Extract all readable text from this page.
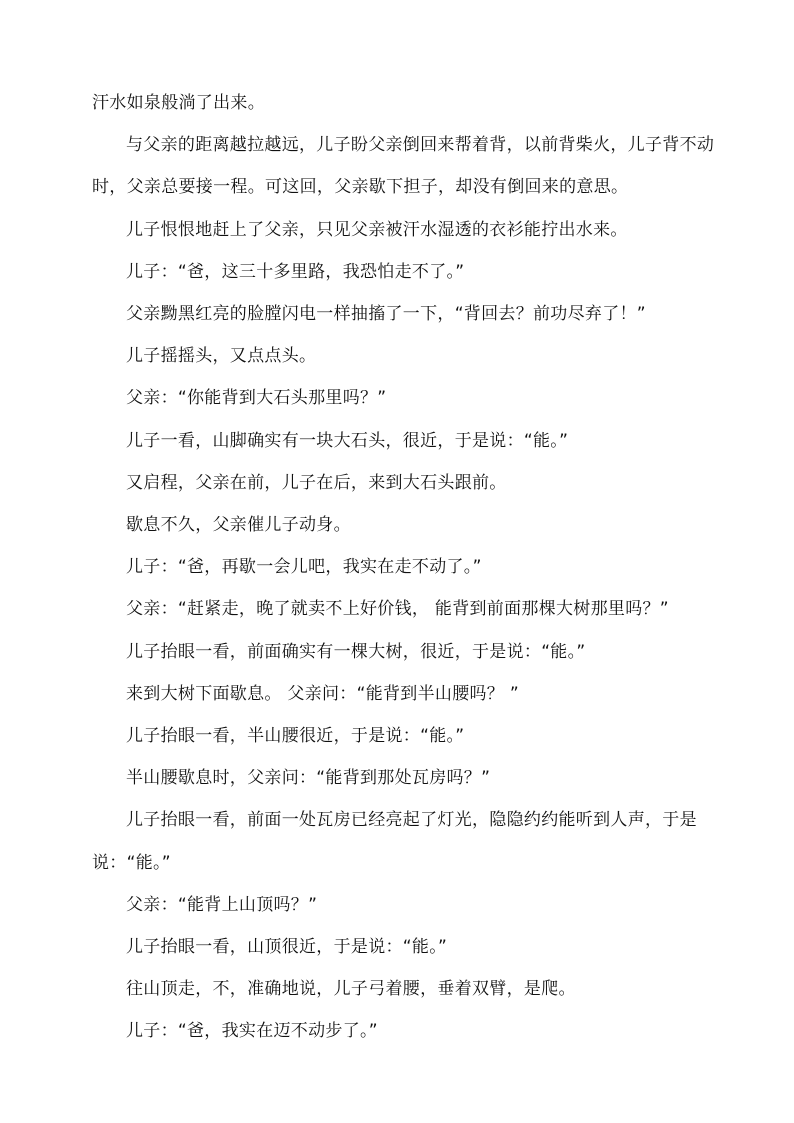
汗水如泉般淌了出来。

与父亲的距离越拉越远，儿子盼父亲倒回来帮着背，以前背柴火，儿子背不动时，父亲总要接一程。可这回，父亲歇下担子，却没有倒回来的意思。

儿子恨恨地赶上了父亲，只见父亲被汗水湿透的衣衫能拧出水来。

儿子：“爸，这三十多里路，我恐怕走不了。”

父亲黝黑红亮的脸膛闪电一样抽搐了一下，“背回去？前功尽弃了！”

儿子摇摇头，又点点头。

父亲：“你能背到大石头那里吗？”

儿子一看，山脚确实有一块大石头，很近，于是说：“能。”

又启程，父亲在前，儿子在后，来到大石头跟前。

歇息不久，父亲催儿子动身。

儿子：“爸，再歇一会儿吧，我实在走不动了。”

父亲：“赶紧走，晚了就卖不上好价钱， 能背到前面那棵大树那里吗？”

儿子抬眼一看，前面确实有一棵大树，很近，于是说：“能。”

来到大树下面歇息。 父亲问：“能背到半山腰吗？ ”

儿子抬眼一看，半山腰很近，于是说：“能。”

半山腰歇息时，父亲问：“能背到那处瓦房吗？”

儿子抬眼一看，前面一处瓦房已经亮起了灯光，隐隐约约能听到人声，于是说：“能。”

父亲：“能背上山顶吗？”

儿子抬眼一看，山顶很近，于是说：“能。”

往山顶走，不，准确地说，儿子弓着腰，垂着双臂，是爬。

儿子：“爸，我实在迈不动步了。”
